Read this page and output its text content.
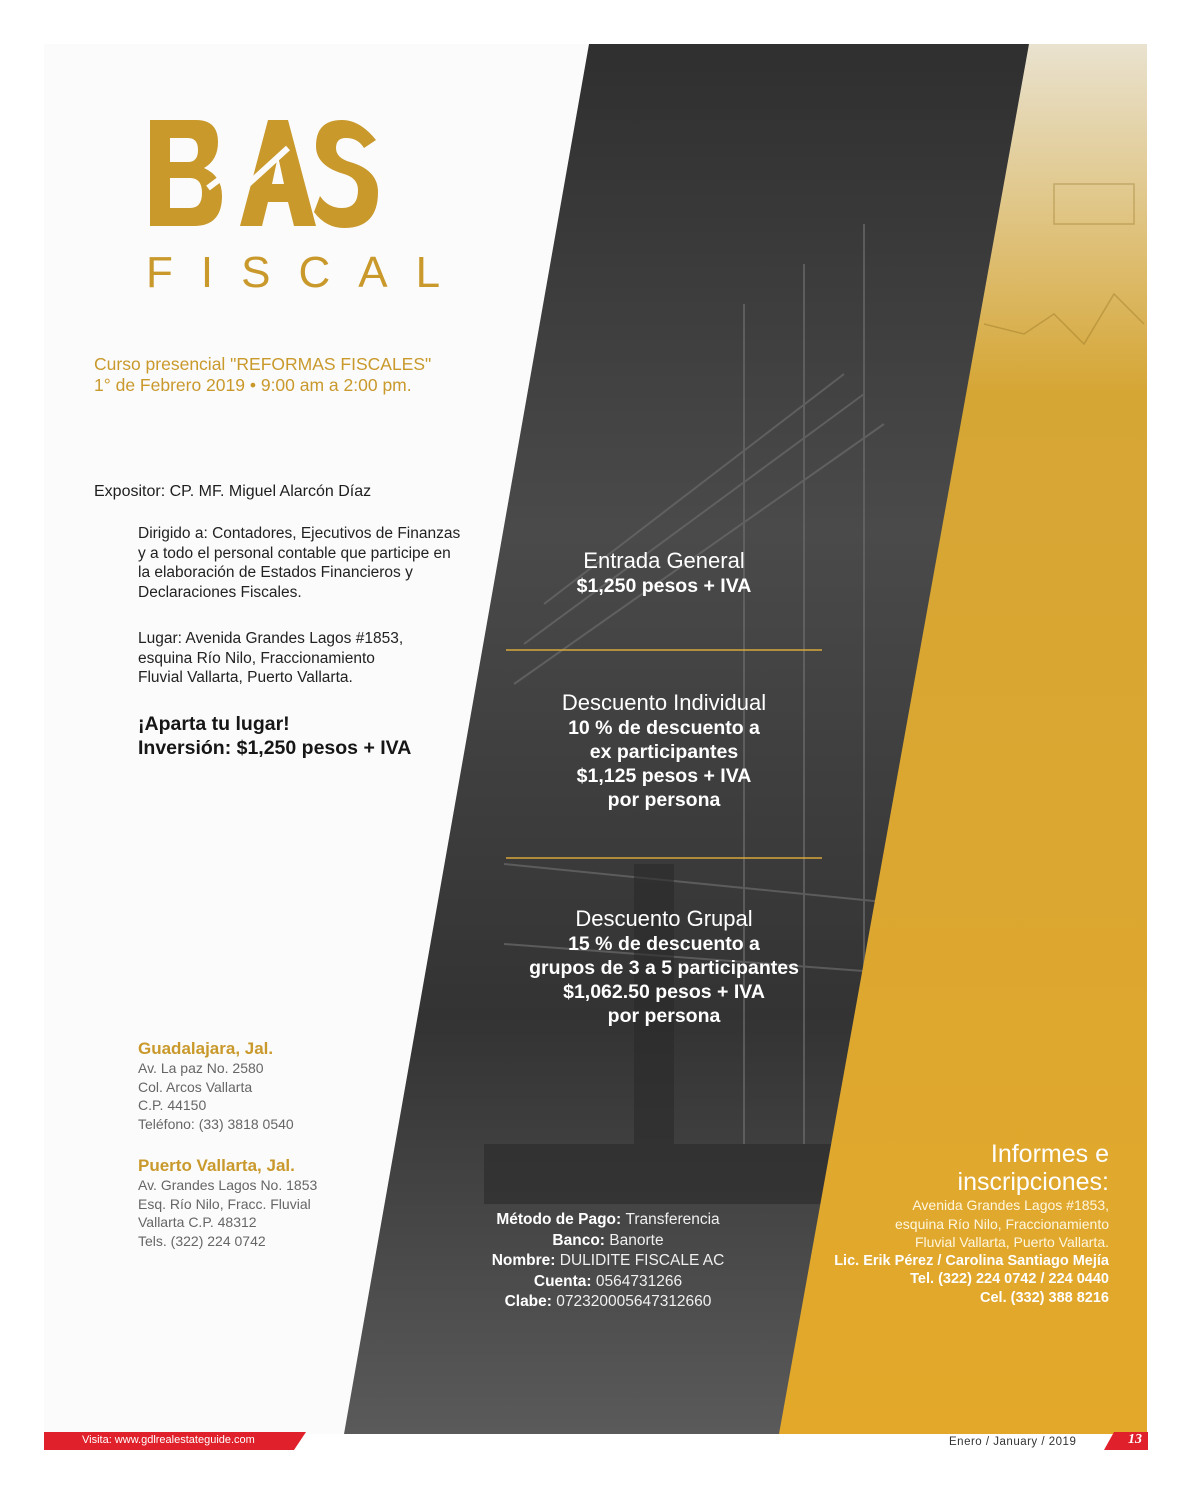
FISCAL
Curso presencial "REFORMAS FISCALES"
1° de Febrero 2019 • 9:00 am a 2:00 pm.
Expositor: CP. MF. Miguel Alarcón Díaz
Dirigido a: Contadores, Ejecutivos de Finanzas
y a todo el personal contable que participe en
la elaboración de Estados Financieros y
Declaraciones Fiscales.
Lugar: Avenida Grandes Lagos #1853,
esquina Río Nilo, Fraccionamiento
Fluvial Vallarta, Puerto Vallarta.
¡Aparta tu lugar!
Inversión: $1,250 pesos + IVA
Guadalajara, Jal.
Av. La paz No. 2580
Col. Arcos Vallarta
C.P. 44150
Teléfono: (33) 3818 0540
Puerto Vallarta, Jal.
Av. Grandes Lagos No. 1853
Esq. Río Nilo, Fracc. Fluvial
Vallarta C.P. 48312
Tels. (322) 224 0742
Entrada General
$1,250 pesos + IVA
Descuento Individual
10 % de descuento a
ex participantes
$1,125 pesos + IVA
por persona
Descuento Grupal
15 % de descuento a
grupos de 3 a 5 participantes
$1,062.50 pesos + IVA
por persona
Método de Pago: Transferencia
Banco: Banorte
Nombre: DULIDITE FISCALE AC
Cuenta: 0564731266
Clabe: 072320005647312660
Informes e
inscripciones:
Avenida Grandes Lagos #1853,
esquina Río Nilo, Fraccionamiento
Fluvial Vallarta, Puerto Vallarta.
Lic. Erik Pérez / Carolina Santiago Mejía
Tel. (322) 224 0742 / 224 0440
Cel. (332) 388 8216
Visita: www.gdlrealestateguide.com	Enero / January / 2019	13
